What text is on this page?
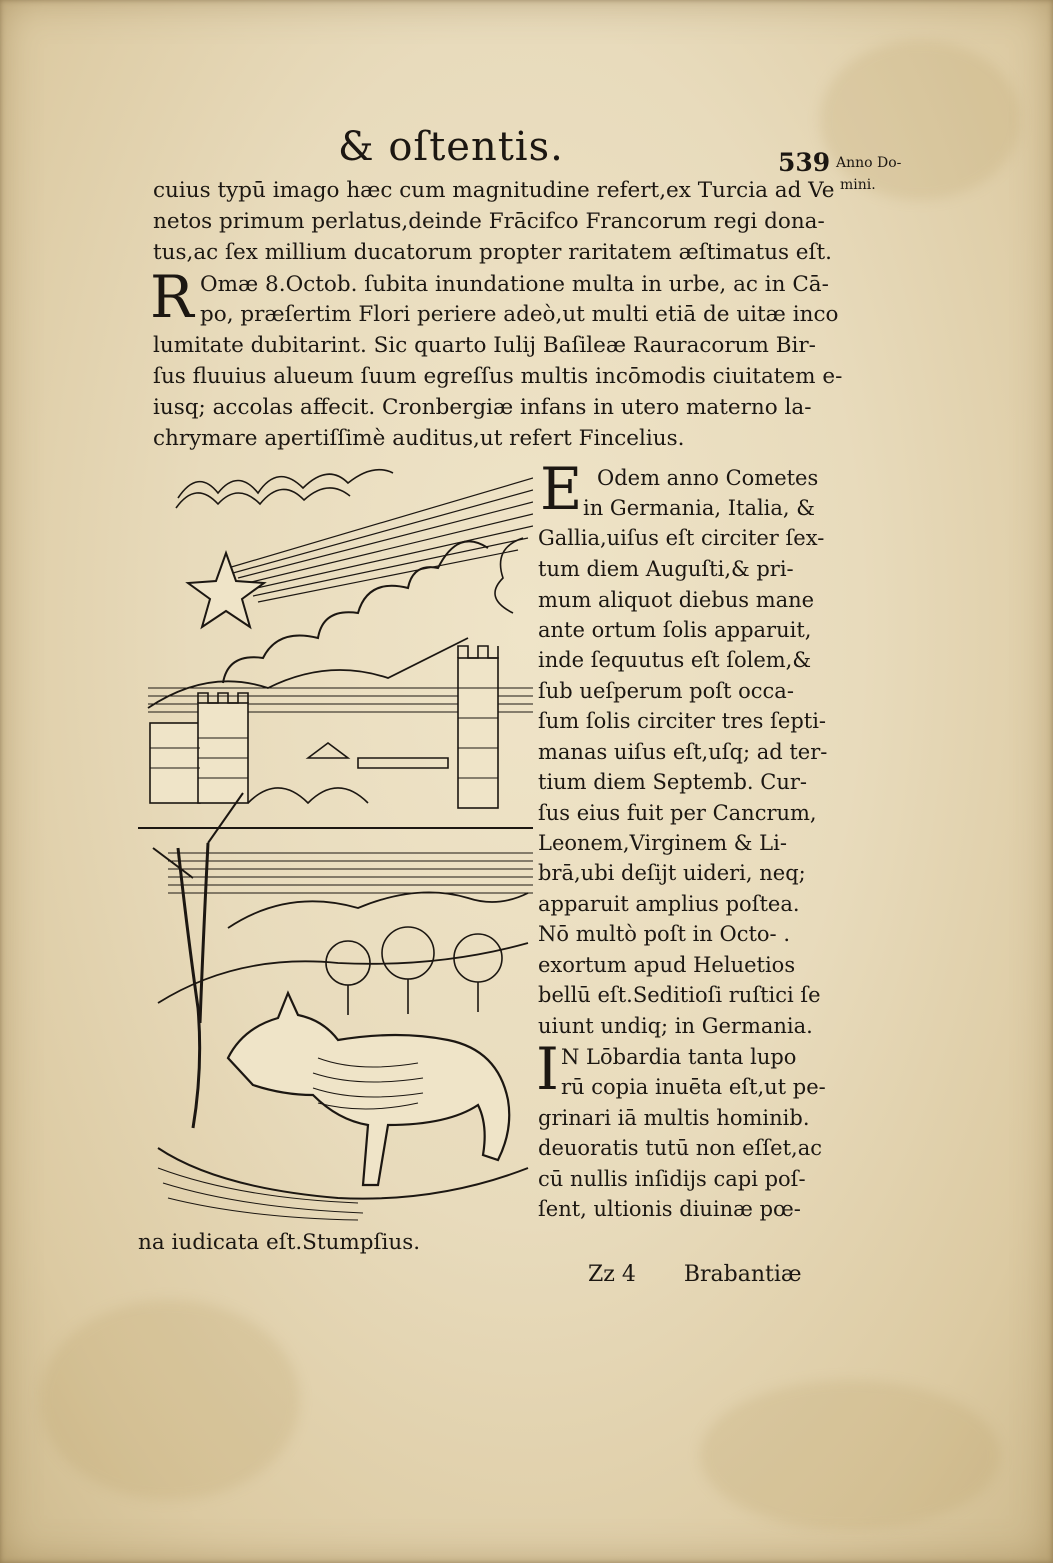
& oſtentis.	539 Anno Do-
mini.
cuius typū imago hæc cum magnitudine refert,ex Turcia ad Ve
netos primum perlatus,deinde Frācifco Francorum regi dona-
tus,ac ſex millium ducatorum propter raritatem æſtimatus eſt.
R Omæ 8.Octob. ſubita inundatione multa in urbe, ac in Cā-
po, præſertim Flori periere adeò,ut multi etiā de uitæ inco
lumitate dubitarint. Sic quarto Iulij Baſileæ Rauracorum Bir-
ſus fluuius alueum ſuum egreſſus multis incōmodis ciuitatem e-
iusq; accolas affecit. Cronbergiæ infans in utero materno la-
chrymare apertiſſimè auditus,ut refert Fincelius.
E Odem anno Cometes
in Germania, Italia, &
Gallia,uiſus eſt circiter ſex-
tum diem Auguſti,& pri-
mum aliquot diebus mane
ante ortum ſolis apparuit,
inde ſequutus eſt ſolem,&
ſub ueſperum poſt occa-
ſum ſolis circiter tres ſepti-
manas uiſus eſt,uſq; ad ter-
tium diem Septemb. Cur-
ſus eius fuit per Cancrum,
Leonem,Virginem & Li-
brā,ubi deſijt uideri, neq;
apparuit amplius poſtea.
Nō multò poſt in Octo- .
exortum apud Heluetios
bellū eſt.Seditioſi ruſtici ſe
uiunt undiq; in Germania.
I N Lōbardia tanta lupo
rū copia inuēta eſt,ut pe-
grinari iā multis hominib.
deuoratis tutū non eſſet,ac
cū nullis inſidijs capi poſ-
ſent, ultionis diuinæ pœ-
na iudicata eſt.Stumpſius.
Zz 4 Brabantiæ
